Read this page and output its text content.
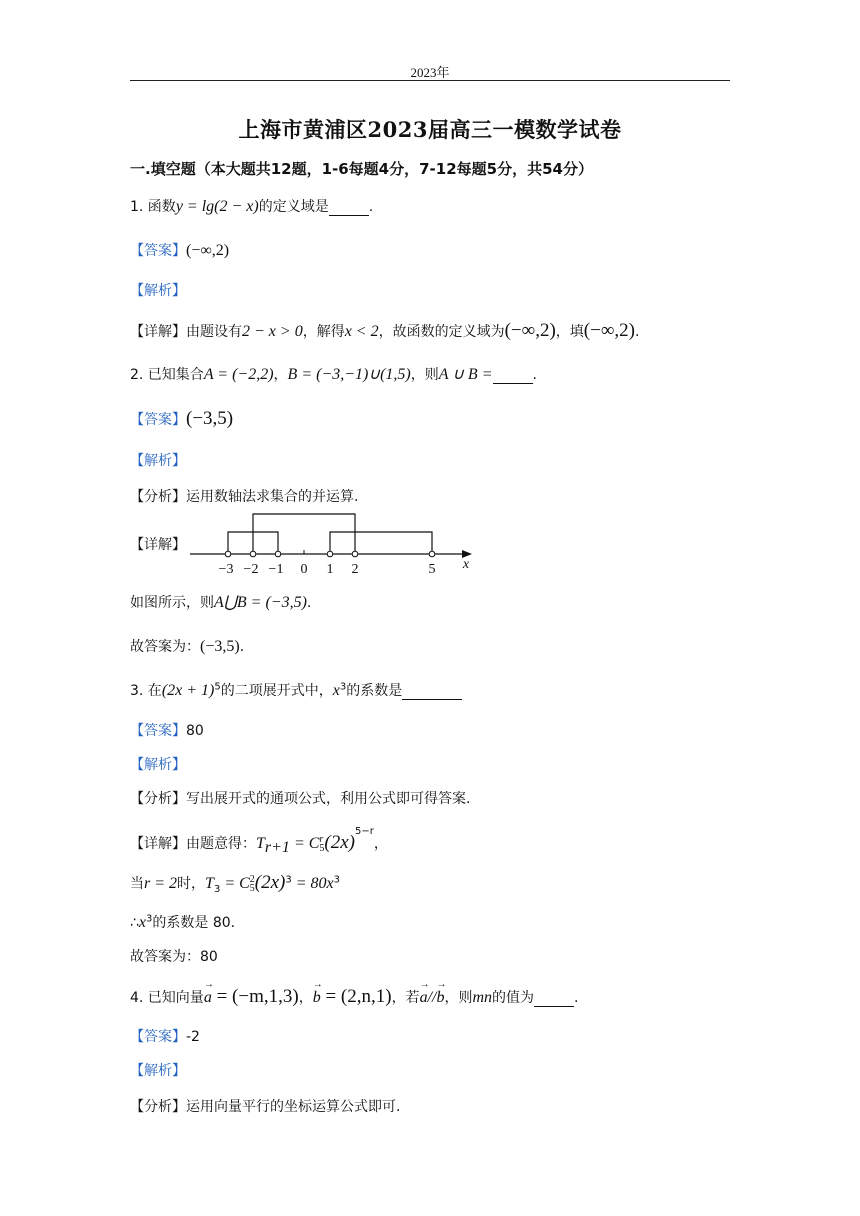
2023年
上海市黄浦区2023届高三一模数学试卷
一.填空题（本大题共12题，1-6每题4分，7-12每题5分，共54分）
1. 函数y = lg(2 − x)的定义域是	.
【答案】(−∞,2)
【解析】
【详解】由题设有2 − x > 0，解得x < 2，故函数的定义域为(−∞,2)，填(−∞,2).
2. 已知集合A = (−2,2)，B = (−3,−1)∪(1,5)，则A ∪ B =	.
【答案】(−3,5)
【解析】
【分析】运用数轴法求集合的并运算.
【详解】
−3 −2 −1 0 1 2	5 x
如图所示，则A⋃B = (−3,5).
故答案为：(−3,5).
3. 在$(2x + 1)^5$的二项展开式中，$x^3$的系数是
【答案】80
【解析】
【分析】写出展开式的通项公式，利用公式即可得答案.
【详解】由题意得：$T_{r+1} = Cr$
$5(2x)^{5-r}$，
当r = 2时，$T_3 = C2$
$5(2x)^3 = 80x^3$
$\therefore x^3$的系数是 80.
故答案为：80
4. 已知向量→ a = (−m,1,3)，→ b = (2,n,1)，若→ a//→ b，则mn的值为	.
【答案】-2
【解析】
【分析】运用向量平行的坐标运算公式即可.
